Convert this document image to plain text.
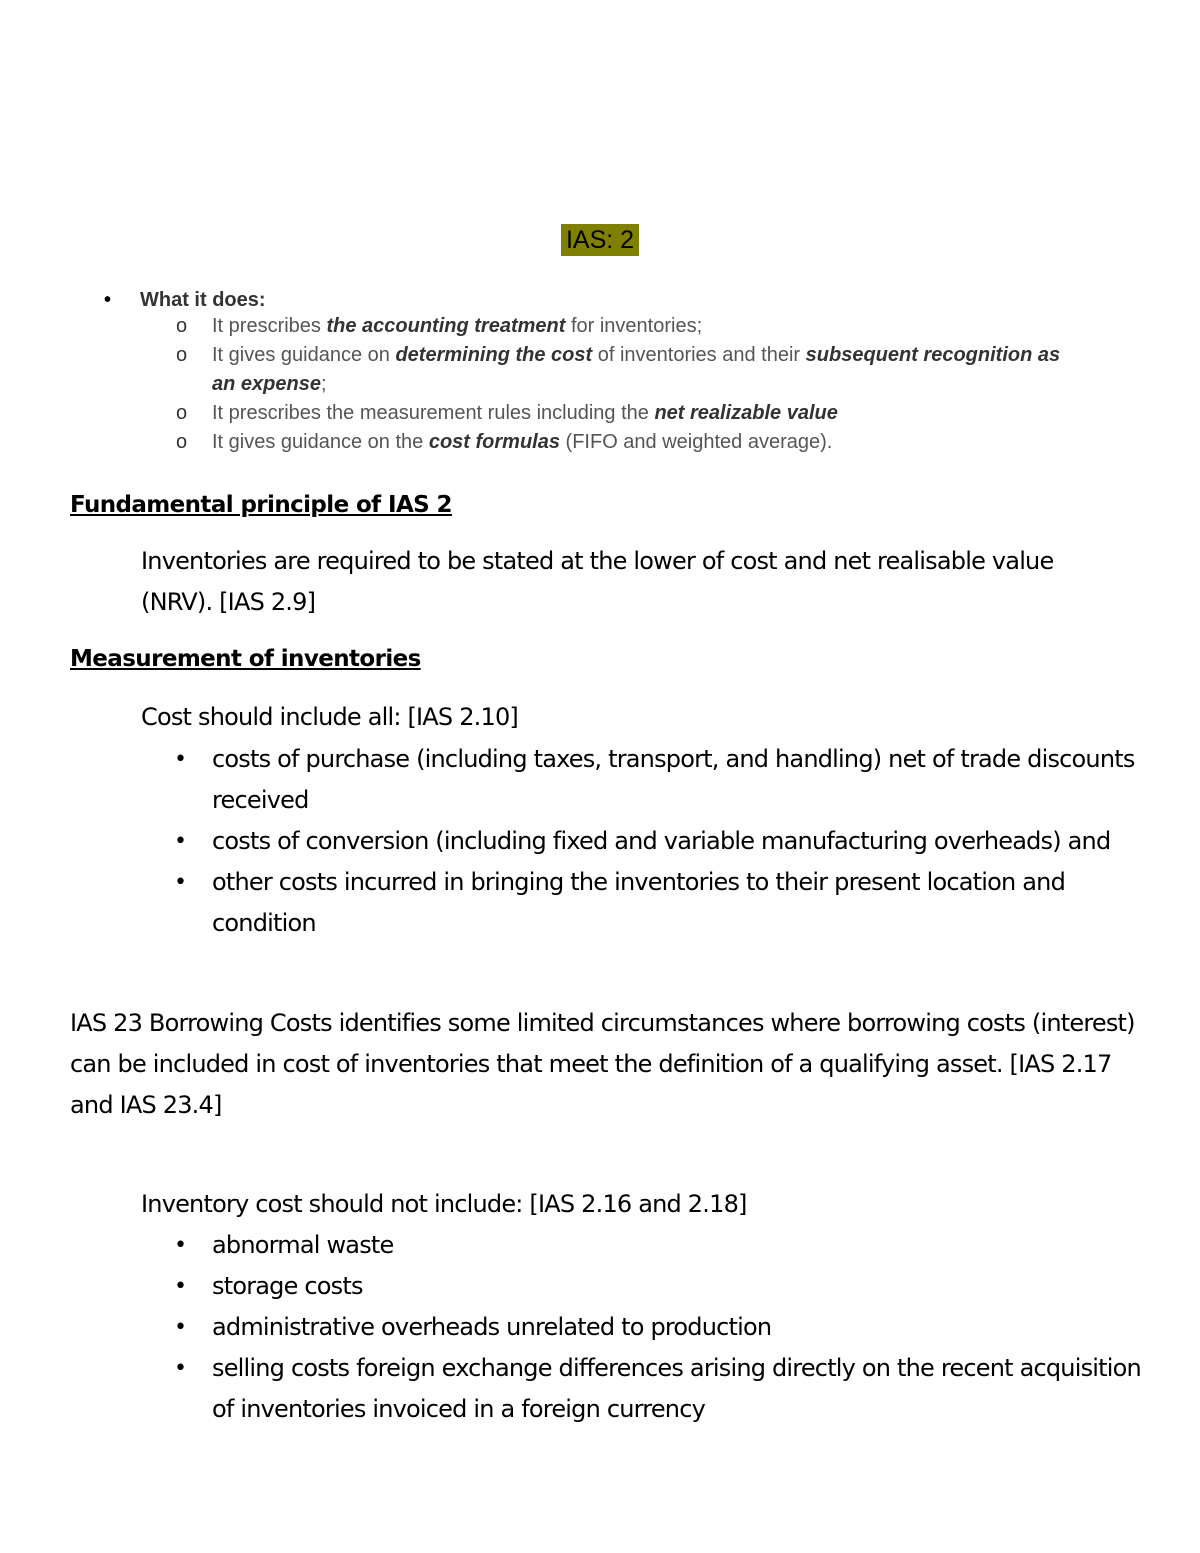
IAS: 2
• What it does:
o It prescribes the accounting treatment for inventories;
o It gives guidance on determining the cost of inventories and their subsequent recognition as an expense;
o It prescribes the measurement rules including the net realizable value
o It gives guidance on the cost formulas (FIFO and weighted average).
Fundamental principle of IAS 2

Inventories are required to be stated at the lower of cost and net realisable value (NRV). [IAS 2.9]

Measurement of inventories

Cost should include all: [IAS 2.10]

• costs of purchase (including taxes, transport, and handling) net of trade discounts received
• costs of conversion (including fixed and variable manufacturing overheads) and
• other costs incurred in bringing the inventories to their present location and condition

IAS 23 Borrowing Costs identifies some limited circumstances where borrowing costs (interest) can be included in cost of inventories that meet the definition of a qualifying asset. [IAS 2.17 and IAS 23.4]

Inventory cost should not include: [IAS 2.16 and 2.18]

• abnormal waste
• storage costs
• administrative overheads unrelated to production
• selling costs foreign exchange differences arising directly on the recent acquisition of inventories invoiced in a foreign currency
